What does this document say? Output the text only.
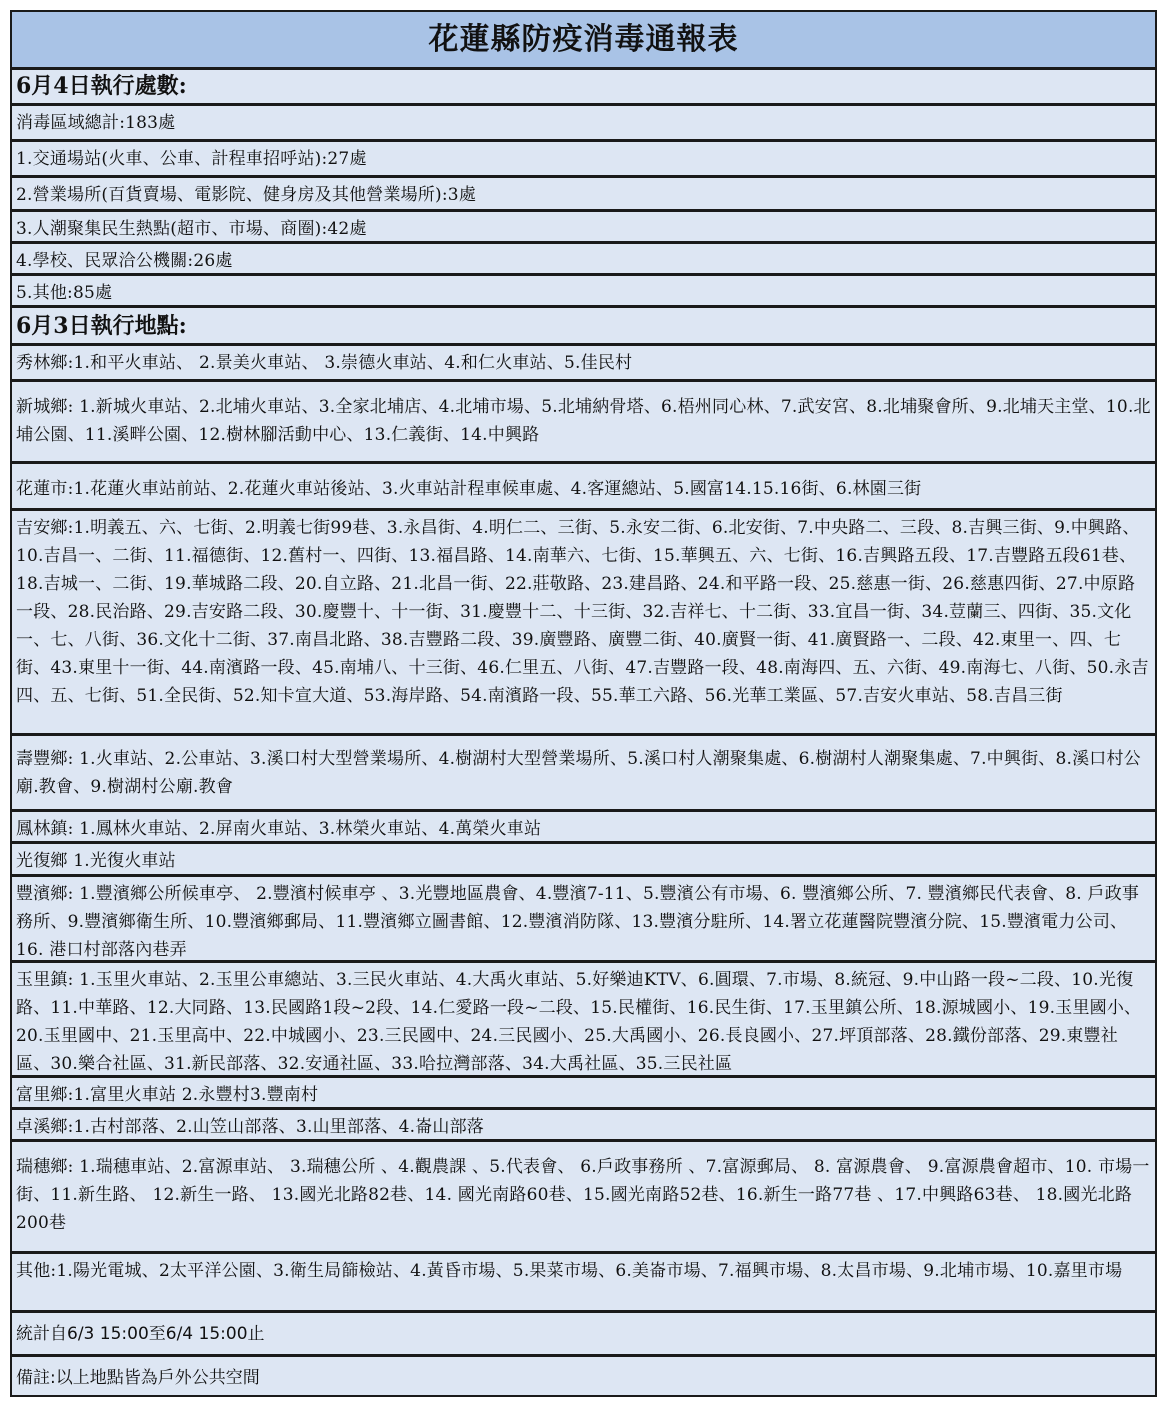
花蓮縣防疫消毒通報表
6月4日執行處數:
消毒區域總計:183處
1.交通場站(火車、公車、計程車招呼站):27處
2.營業場所(百貨賣場、電影院、健身房及其他營業場所):3處
3.人潮聚集民生熱點(超市、市場、商圈):42處
4.學校、民眾洽公機關:26處
5.其他:85處
6月3日執行地點:
秀林鄉:1.和平火車站、 2.景美火車站、 3.崇德火車站、4.和仁火車站、5.佳民村
新城鄉: 1.新城火車站、2.北埔火車站、3.全家北埔店、4.北埔市場、5.北埔納骨塔、6.梧州同心林、7.武安宮、8.北埔聚會所、9.北埔天主堂、10.北埔公園、11.溪畔公園、12.樹林腳活動中心、13.仁義街、14.中興路
花蓮市:1.花蓮火車站前站、2.花蓮火車站後站、3.火車站計程車候車處、4.客運總站、5.國富14.15.16街、6.林園三街
吉安鄉:1.明義五、六、七街、2.明義七街99巷、3.永昌街、4.明仁二、三街、5.永安二街、6.北安街、7.中央路二、三段、8.吉興三街、9.中興路、10.吉昌一、二街、11.福德街、12.舊村一、四街、13.福昌路、14.南華六、七街、15.華興五、六、七街、16.吉興路五段、17.吉豐路五段61巷、18.吉城一、二街、19.華城路二段、20.自立路、21.北昌一街、22.莊敬路、23.建昌路、24.和平路一段、25.慈惠一街、26.慈惠四街、27.中原路一段、28.民治路、29.吉安路二段、30.慶豐十、十一街、31.慶豐十二、十三街、32.吉祥七、十二街、33.宜昌一街、34.荳蘭三、四街、35.文化一、七、八街、36.文化十二街、37.南昌北路、38.吉豐路二段、39.廣豐路、廣豐二街、40.廣賢一街、41.廣賢路一、二段、42.東里一、四、七街、43.東里十一街、44.南濱路一段、45.南埔八、十三街、46.仁里五、八街、47.吉豐路一段、48.南海四、五、六街、49.南海七、八街、50.永吉四、五、七街、51.全民街、52.知卡宣大道、53.海岸路、54.南濱路一段、55.華工六路、56.光華工業區、57.吉安火車站、58.吉昌三街
壽豐鄉: 1.火車站、2.公車站、3.溪口村大型營業場所、4.樹湖村大型營業場所、5.溪口村人潮聚集處、6.樹湖村人潮聚集處、7.中興街、8.溪口村公廟.教會、9.樹湖村公廟.教會
鳳林鎮: 1.鳳林火車站、2.屏南火車站、3.林榮火車站、4.萬榮火車站
光復鄉 1.光復火車站
豐濱鄉: 1.豐濱鄉公所候車亭、 2.豐濱村候車亭 、3.光豐地區農會、4.豐濱7-11、5.豐濱公有市場、6. 豐濱鄉公所、7. 豐濱鄉民代表會、8. 戶政事務所、9.豐濱鄉衛生所、10.豐濱鄉郵局、11.豐濱鄉立圖書館、12.豐濱消防隊、13.豐濱分駐所、14.署立花蓮醫院豐濱分院、15.豐濱電力公司、16. 港口村部落內巷弄
玉里鎮: 1.玉里火車站、2.玉里公車總站、3.三民火車站、4.大禹火車站、5.好樂迪KTV、6.圓環、7.市場、8.統冠、9.中山路一段~二段、10.光復路、11.中華路、12.大同路、13.民國路1段~2段、14.仁愛路一段~二段、15.民權街、16.民生街、17.玉里鎮公所、18.源城國小、19.玉里國小、20.玉里國中、21.玉里高中、22.中城國小、23.三民國中、24.三民國小、25.大禹國小、26.長良國小、27.坪頂部落、28.鐵份部落、29.東豐社區、30.樂合社區、31.新民部落、32.安通社區、33.哈拉灣部落、34.大禹社區、35.三民社區
富里鄉:1.富里火車站 2.永豐村3.豐南村
卓溪鄉:1.古村部落、2.山笠山部落、3.山里部落、4.崙山部落
瑞穗鄉: 1.瑞穗車站、2.富源車站、 3.瑞穗公所 、4.觀農課 、5.代表會、 6.戶政事務所 、7.富源郵局、 8. 富源農會、 9.富源農會超市、10. 市場一街、11.新生路、 12.新生一路、 13.國光北路82巷、14. 國光南路60巷、15.國光南路52巷、16.新生一路77巷 、17.中興路63巷、 18.國光北路200巷
其他:1.陽光電城、2太平洋公園、3.衛生局篩檢站、4.黃昏市場、5.果菜市場、6.美崙市場、7.福興市場、8.太昌市場、9.北埔市場、10.嘉里市場
統計自6/3 15:00至6/4 15:00止
備註:以上地點皆為戶外公共空間
